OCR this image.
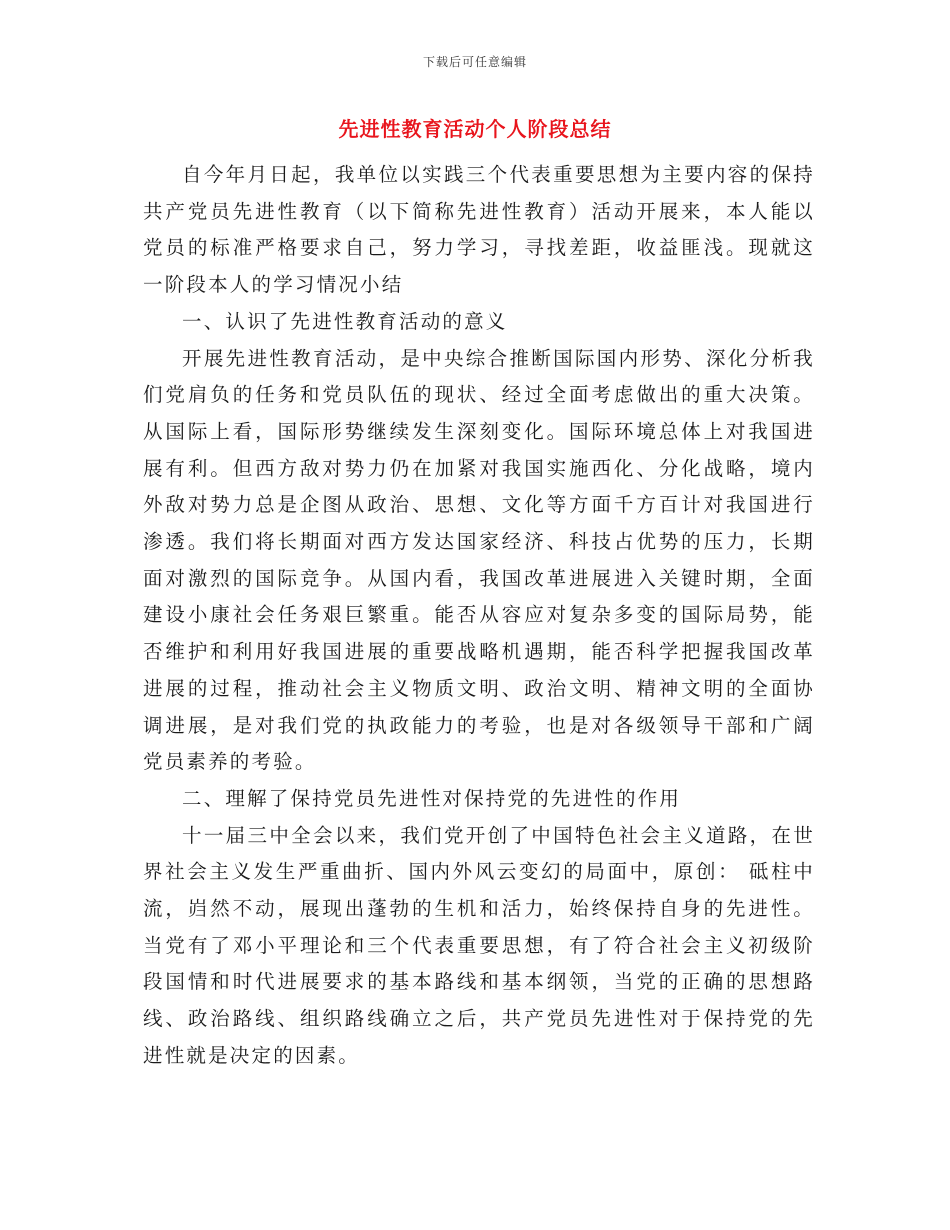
下载后可任意编辑
先进性教育活动个人阶段总结

自今年月日起，我单位以实践三个代表重要思想为主要内容的保持共产党员先进性教育（以下简称先进性教育）活动开展来，本人能以党员的标准严格要求自己，努力学习，寻找差距，收益匪浅。现就这一阶段本人的学习情况小结

一、认识了先进性教育活动的意义

开展先进性教育活动，是中央综合推断国际国内形势、深化分析我们党肩负的任务和党员队伍的现状、经过全面考虑做出的重大决策。从国际上看，国际形势继续发生深刻变化。国际环境总体上对我国进展有利。但西方敌对势力仍在加紧对我国实施西化、分化战略，境内外敌对势力总是企图从政治、思想、文化等方面千方百计对我国进行渗透。我们将长期面对西方发达国家经济、科技占优势的压力，长期面对激烈的国际竞争。从国内看，我国改革进展进入关键时期，全面建设小康社会任务艰巨繁重。能否从容应对复杂多变的国际局势，能否维护和利用好我国进展的重要战略机遇期，能否科学把握我国改革进展的过程，推动社会主义物质文明、政治文明、精神文明的全面协调进展，是对我们党的执政能力的考验，也是对各级领导干部和广阔党员素养的考验。

二、理解了保持党员先进性对保持党的先进性的作用

十一届三中全会以来，我们党开创了中国特色社会主义道路，在世界社会主义发生严重曲折、国内外风云变幻的局面中，原创： 砥柱中流，岿然不动，展现出蓬勃的生机和活力，始终保持自身的先进性。当党有了邓小平理论和三个代表重要思想，有了符合社会主义初级阶段国情和时代进展要求的基本路线和基本纲领，当党的正确的思想路线、政治路线、组织路线确立之后，共产党员先进性对于保持党的先进性就是决定的因素。
